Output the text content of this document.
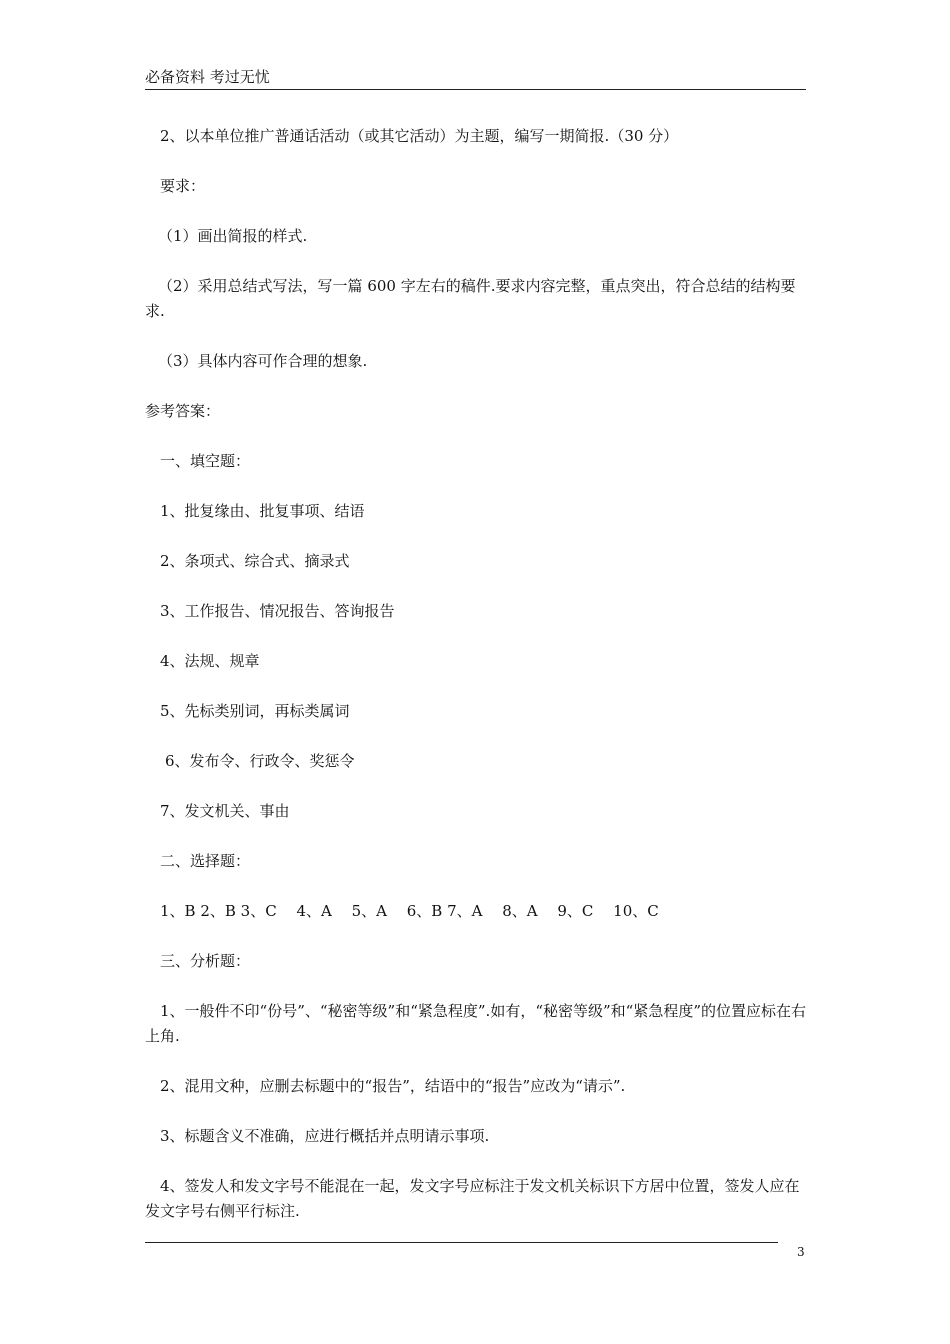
必备资料 考过无忧

2、以本单位推广普通话活动（或其它活动）为主题，编写一期简报.（30 分）

要求：

（1）画出简报的样式.

（2）采用总结式写法，写一篇 600 字左右的稿件.要求内容完整，重点突出，符合总结的结构要求.

（3）具体内容可作合理的想象.

参考答案：

一、填空题：

1、批复缘由、批复事项、结语

2、条项式、综合式、摘录式

3、工作报告、情况报告、答询报告

4、法规、规章

5、先标类别词，再标类属词

6、发布令、行政令、奖惩令

7、发文机关、事由

二、选择题：

1、B 2、B 3、C　 4、A　 5、A　 6、B 7、A　 8、A　 9、C　 10、C

三、分析题：

1、一般件不印“份号”、“秘密等级”和“紧急程度”.如有，“秘密等级”和“紧急程度”的位置应标在右上角.

2、混用文种，应删去标题中的“报告”，结语中的“报告”应改为“请示”.

3、标题含义不准确，应进行概括并点明请示事项.

4、签发人和发文字号不能混在一起，发文字号应标注于发文机关标识下方居中位置，签发人应在发文字号右侧平行标注.

3
